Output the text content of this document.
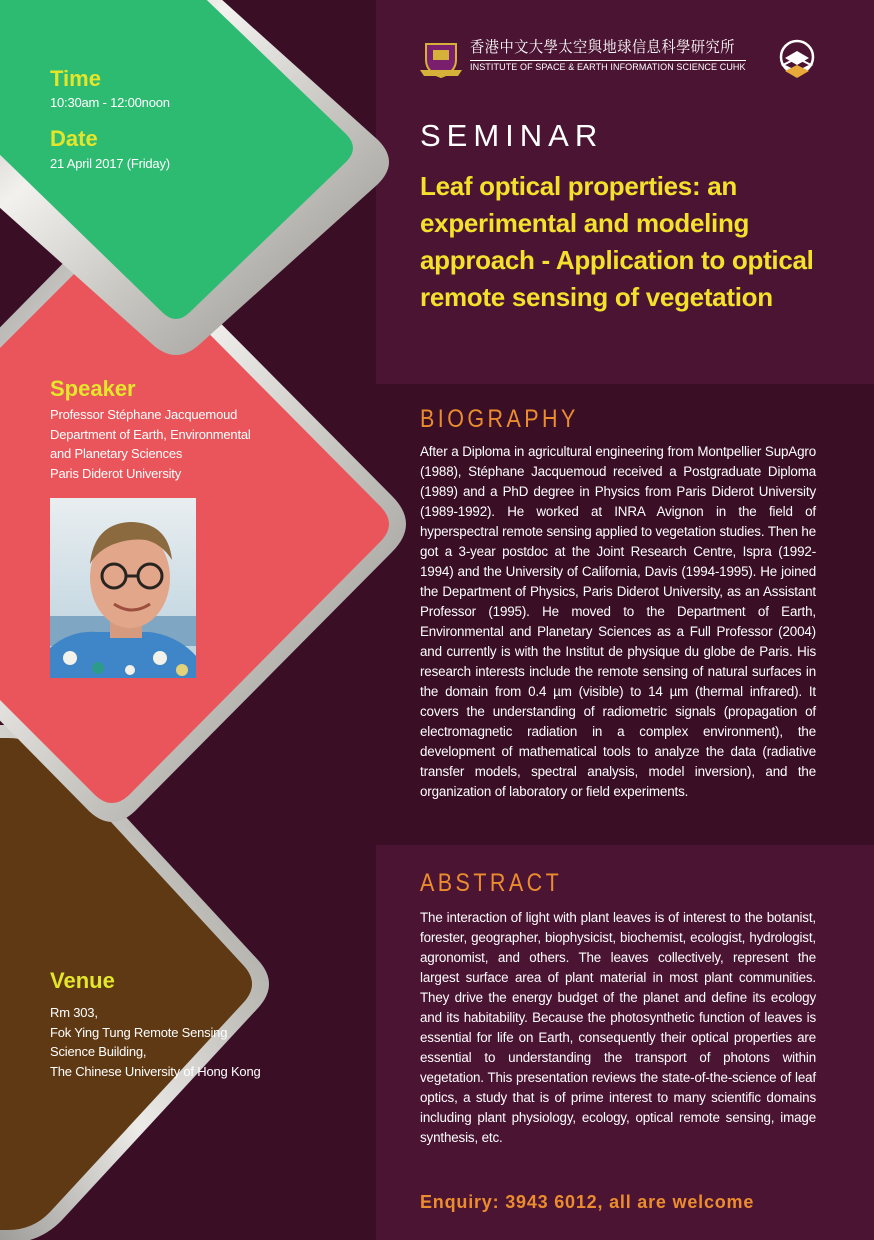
香港中文大學太空與地球信息科學研究所
INSTITUTE OF SPACE & EARTH INFORMATION SCIENCE CUHK
Time
10:30am - 12:00noon
Date
21 April 2017 (Friday)
Speaker
Professor Stéphane Jacquemoud
Department of Earth, Environmental
and Planetary Sciences
Paris Diderot University
Venue
Rm 303,
Fok Ying Tung Remote Sensing
Science Building,
The Chinese University of Hong Kong
SEMINAR
Leaf optical properties: an experimental and modeling approach - Application to optical remote sensing of vegetation
BIOGRAPHY
After a Diploma in agricultural engineering from Montpellier SupAgro (1988), Stéphane Jacquemoud received a Postgraduate Diploma (1989) and a PhD degree in Physics from Paris Diderot University (1989-1992). He worked at INRA Avignon in the field of hyperspectral remote sensing applied to vegetation studies. Then he got a 3-year postdoc at the Joint Research Centre, Ispra (1992-1994) and the University of California, Davis (1994-1995). He joined the Department of Physics, Paris Diderot University, as an Assistant Professor (1995). He moved to the Department of Earth, Environmental and Planetary Sciences as a Full Professor (2004) and currently is with the Institut de physique du globe de Paris. His research interests include the remote sensing of natural surfaces in the domain from 0.4 µm (visible) to 14 µm (thermal infrared). It covers the understanding of radiometric signals (propagation of electromagnetic radiation in a complex environment), the development of mathematical tools to analyze the data (radiative transfer models, spectral analysis, model inversion), and the organization of laboratory or field experiments.
ABSTRACT
The interaction of light with plant leaves is of interest to the botanist, forester, geographer, biophysicist, biochemist, ecologist, hydrologist, agronomist, and others. The leaves collectively, represent the largest surface area of plant material in most plant communities. They drive the energy budget of the planet and define its ecology and its habitability. Because the photosynthetic function of leaves is essential for life on Earth, consequently their optical properties are essential to understanding the transport of photons within vegetation. This presentation reviews the state-of-the-science of leaf optics, a study that is of prime interest to many scientific domains including plant physiology, ecology, optical remote sensing, image synthesis, etc.
Enquiry: 3943 6012, all are welcome
